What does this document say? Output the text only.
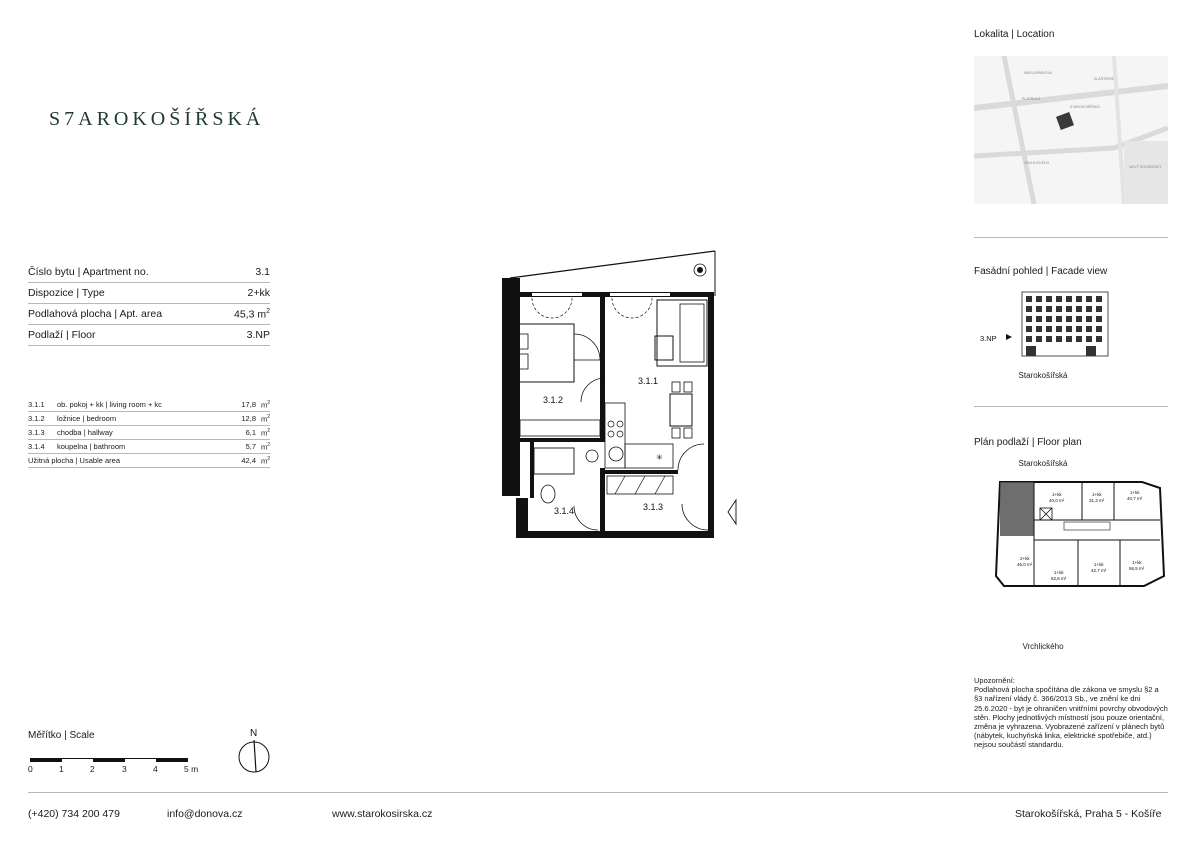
S7AROKOŠÍŘSKÁ
Číslo bytu | Apartment no.	3.1
Dispozice | Type	2+kk
Podlahová plocha | Apt. area	45,3 $m^2$
Podlaží | Floor	3.NP
3.1.1	ob. pokoj + kk | living room + kc	17,8 $m^2$
3.1.2	ložnice | bedroom	12,8 $m^2$
3.1.3	chodba | hallway	6,1 $m^2$
3.1.4	koupelna | bathroom	5,7 $m^2$
Užitná plocha | Usable area	42,4 $m^2$	✳
3.1.1
3.1.2
3.1.3
3.1.4
Měřítko | Scale
0	1	2	3	4	5 m
N
(+420) 734 200 479	info@donova.cz	www.starokosirska.cz	Starokošířská, Praha 5 - Košíře
Lokalita | Location
NÁDVORNÍKOVA
PLZEŇSKÁ
STAROKOŠÍŘSKÁ
VRCHLICKÉHO
KLÁŠTERNÍ
NOVÝ SOUSEDSKÝ
Fasádní pohled | Facade view
3.NP
Starokošířská
Plán podlaží | Floor plan
Starokošířská
1+kk
40,0 m²
1+kk
31,3 m²
1+kk
40,7 m²
2+kk
46,0 m²
1+kk
62,6 m²
1+kk
42,7 m²
1+kk
56,5 m²
Vrchlického
Upozornění:
Podlahová plocha spočítána dle zákona ve smyslu §2 a §3 nařízení vlády č. 366/2013 Sb., ve znění ke dni 25.6.2020 - byt je ohraničen vnitřními povrchy obvodových stěn. Plochy jednotlivých místností jsou pouze orientační, změna je vyhrazena. Vyobrazené zařízení v plánech bytů (nábytek, kuchyňská linka, elektrické spotřebiče, atd.) nejsou součástí standardu.
